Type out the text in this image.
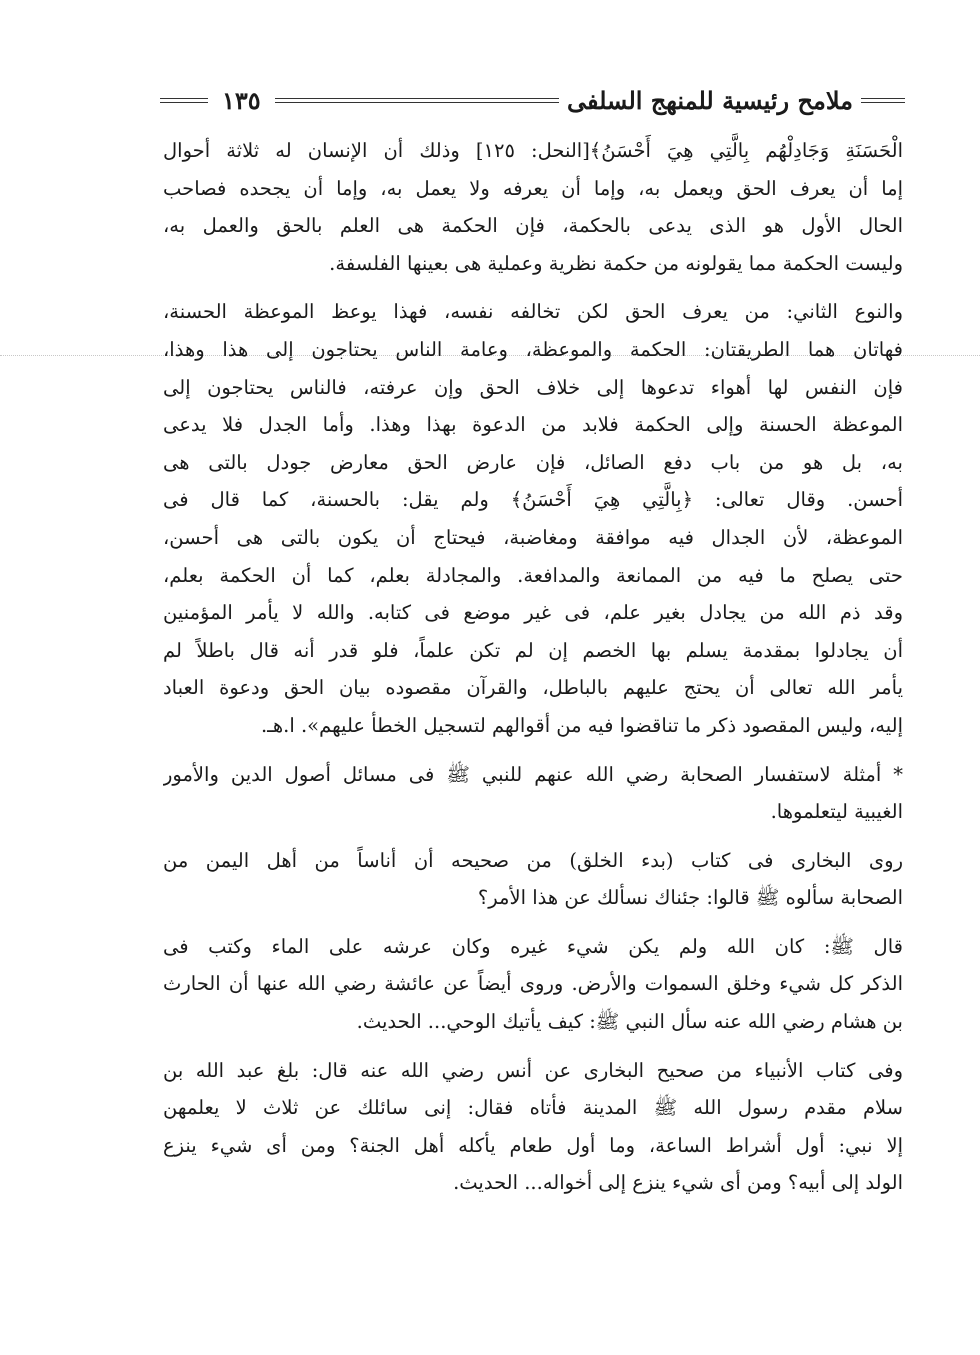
ملامح رئيسية للمنهج السلفى
١٣٥
الْحَسَنَةِ وَجَادِلْهُم بِالَّتِي هِيَ أَحْسَنُ﴾[النحل: ١٢٥] وذلك أن الإنسان له ثلاثة أحوال
إما أن يعرف الحق ويعمل به، وإما أن يعرفه ولا يعمل به، وإما أن يجحده فصاحب
الحال الأول هو الذى يدعى بالحكمة، فإن الحكمة هى العلم بالحق والعمل به،
وليست الحكمة مما يقولونه من حكمة نظرية وعملية هى بعينها الفلسفة.
والنوع الثاني: من يعرف الحق لكن تخالفه نفسه، فهذا يوعظ الموعظة الحسنة،
فهاتان هما الطريقتان: الحكمة والموعظة، وعامة الناس يحتاجون إلى هذا وهذا،
فإن النفس لها أهواء تدعوها إلى خلاف الحق وإن عرفته، فالناس يحتاجون إلى
الموعظة الحسنة وإلى الحكمة فلابد من الدعوة بهذا وهذا. وأما الجدل فلا يدعى
به، بل هو من باب دفع الصائل، فإن عارض الحق معارض جودل بالتى هى
أحسن. وقال تعالى: ﴿بِالَّتِي هِيَ أَحْسَنُ﴾ ولم يقل: بالحسنة، كما قال فى
الموعظة، لأن الجدال فيه موافقة ومغاضبة، فيحتاج أن يكون بالتى هى أحسن،
حتى يصلح ما فيه من الممانعة والمدافعة. والمجادلة بعلم، كما أن الحكمة بعلم،
وقد ذم الله من يجادل بغير علم، فى غير موضع فى كتابه. والله لا يأمر المؤمنين
أن يجادلوا بمقدمة يسلم بها الخصم إن لم تكن علماً، فلو قدر أنه قال باطلاً لم
يأمر الله تعالى أن يحتج عليهم بالباطل، والقرآن مقصوده بيان الحق ودعوة العباد
إليه، وليس المقصود ذكر ما تناقضوا فيه من أقوالهم لتسجيل الخطأ عليهم». ا.هـ.
* أمثلة لاستفسار الصحابة رضي الله عنهم للنبي ﷺ فى مسائل أصول الدين والأمور
الغيبية ليتعلموها.
روى البخارى فى كتاب (بدء الخلق) من صحيحه أن أناساً من أهل اليمن من
الصحابة سألوه ﷺ قالوا: جئناك نسألك عن هذا الأمر؟
قال ﷺ: كان الله ولم يكن شيء غيره وكان عرشه على الماء وكتب فى
الذكر كل شيء وخلق السموات والأرض. وروى أيضاً عن عائشة رضي الله عنها أن الحارث
بن هشام رضي الله عنه سأل النبي ﷺ: كيف يأتيك الوحي... الحديث.
وفى كتاب الأنبياء من صحيح البخارى عن أنس رضي الله عنه قال: بلغ عبد الله بن
سلام مقدم رسول الله ﷺ المدينة فأتاه فقال: إنى سائلك عن ثلاث لا يعلمهن
إلا نبي: أول أشراط الساعة، وما أول طعام يأكله أهل الجنة؟ ومن أى شيء ينزع
الولد إلى أبيه؟ ومن أى شيء ينزع إلى أخواله... الحديث.
